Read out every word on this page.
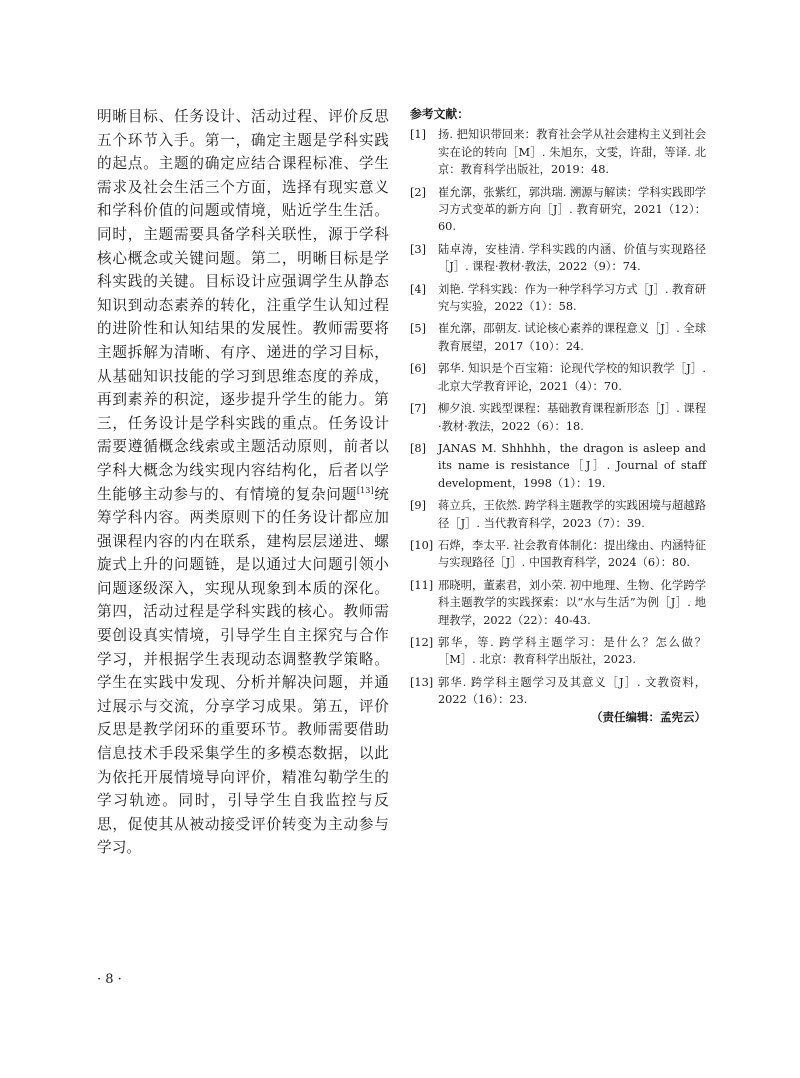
明晰目标、任务设计、活动过程、评价反思五个环节入手。第一，确定主题是学科实践的起点。主题的确定应结合课程标准、学生需求及社会生活三个方面，选择有现实意义和学科价值的问题或情境，贴近学生生活。同时，主题需要具备学科关联性，源于学科核心概念或关键问题。第二，明晰目标是学科实践的关键。目标设计应强调学生从静态知识到动态素养的转化，注重学生认知过程的进阶性和认知结果的发展性。教师需要将主题拆解为清晰、有序、递进的学习目标，从基础知识技能的学习到思维态度的养成，再到素养的积淀，逐步提升学生的能力。第三，任务设计是学科实践的重点。任务设计需要遵循概念线索或主题活动原则，前者以学科大概念为线实现内容结构化，后者以学生能够主动参与的、有情境的复杂问题[13]统筹学科内容。两类原则下的任务设计都应加强课程内容的内在联系，建构层层递进、螺旋式上升的问题链，是以通过大问题引领小问题逐级深入，实现从现象到本质的深化。第四，活动过程是学科实践的核心。教师需要创设真实情境，引导学生自主探究与合作学习，并根据学生表现动态调整教学策略。学生在实践中发现、分析并解决问题，并通过展示与交流，分享学习成果。第五，评价反思是教学闭环的重要环节。教师需要借助信息技术手段采集学生的多模态数据，以此为依托开展情境导向评价，精准勾勒学生的学习轨迹。同时，引导学生自我监控与反思，促使其从被动接受评价转变为主动参与学习。

参考文献：
[1] 扬. 把知识带回来：教育社会学从社会建构主义到社会实在论的转向［M］. 朱旭东，文雯，许甜，等译. 北京：教育科学出版社，2019：48.
[2] 崔允漷，张紫红，郭洪瑞. 溯源与解读：学科实践即学习方式变革的新方向［J］. 教育研究，2021（12）：60.
[3] 陆卓涛，安桂清. 学科实践的内涵、价值与实现路径［J］. 课程·教材·教法，2022（9）：74.
[4] 刘艳. 学科实践：作为一种学科学习方式［J］. 教育研究与实验，2022（1）：58.
[5] 崔允漷，邵朝友. 试论核心素养的课程意义［J］. 全球教育展望，2017（10）：24.
[6] 郭华. 知识是个百宝箱：论现代学校的知识教学［J］. 北京大学教育评论，2021（4）：70.
[7] 柳夕浪. 实践型课程：基础教育课程新形态［J］. 课程·教材·教法，2022（6）：18.
[8] JANAS M. Shhhhh，the dragon is asleep and its name is resistance［J］. Journal of staff development，1998（1）：19.
[9] 蒋立兵，王依然. 跨学科主题教学的实践困境与超越路径［J］. 当代教育科学，2023（7）：39.
[10] 石烨，李太平. 社会教育体制化：提出缘由、内涵特征与实现路径［J］. 中国教育科学，2024（6）：80.
[11] 邢晓明，董素君，刘小荣. 初中地理、生物、化学跨学科主题教学的实践探索：以“水与生活”为例［J］. 地理教学，2022（22）：40-43.
[12] 郭华，等. 跨学科主题学习：是什么？怎么做？［M］. 北京：教育科学出版社，2023.
[13] 郭华. 跨学科主题学习及其意义［J］. 文教资料，2022（16）：23.
（责任编辑：孟宪云）
· 8 ·
